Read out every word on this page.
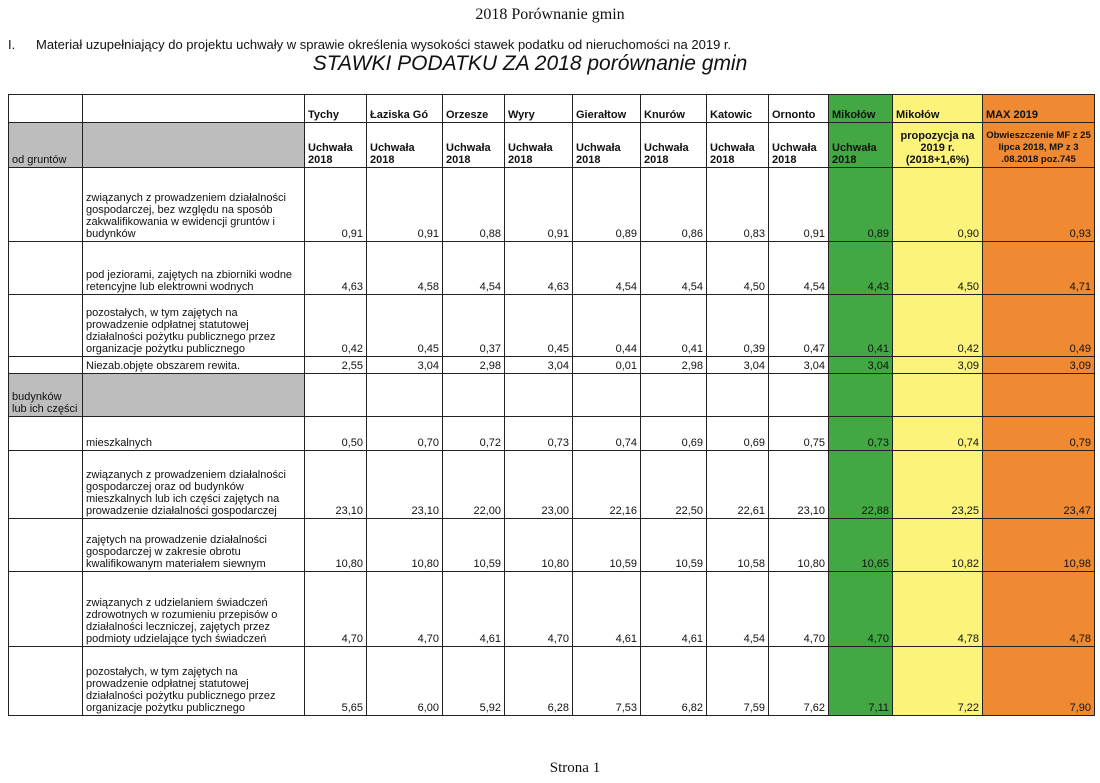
2018 Porównanie gmin
I. Materiał uzupełniający do projektu uchwały w sprawie określenia wysokości stawek podatku od nieruchomości na 2019 r.
STAWKI PODATKU ZA 2018 porównanie gmin
		Tychy	Łaziska Gó	Orzesze	Wyry	Gierałtow	Knurów	Katowic	Ornonto	Mikołów	Mikołów	MAX 2019
od gruntów		Uchwała 2018	Uchwała 2018	Uchwała 2018	Uchwała 2018	Uchwała 2018	Uchwała 2018	Uchwała 2018	Uchwała 2018	Uchwała 2018	propozycja na 2019 r. (2018+1,6%)	Obwieszczenie MF z 25 lipca 2018, MP z 3 .08.2018 poz.745
	związanych z prowadzeniem działalności gospodarczej, bez względu na sposób zakwalifikowania w ewidencji gruntów i budynków	0,91	0,91	0,88	0,91	0,89	0,86	0,83	0,91	0,89	0,90	0,93
	pod jeziorami, zajętych na zbiorniki wodne retencyjne lub elektrowni wodnych	4,63	4,58	4,54	4,63	4,54	4,54	4,50	4,54	4,43	4,50	4,71
	pozostałych, w tym zajętych na prowadzenie odpłatnej statutowej działalności pożytku publicznego przez organizacje pożytku publicznego	0,42	0,45	0,37	0,45	0,44	0,41	0,39	0,47	0,41	0,42	0,49
	Niezab.objęte obszarem rewita.	2,55	3,04	2,98	3,04	0,01	2,98	3,04	3,04	3,04	3,09	3,09
budynków lub ich części												
	mieszkalnych	0,50	0,70	0,72	0,73	0,74	0,69	0,69	0,75	0,73	0,74	0,79
	związanych z prowadzeniem działalności gospodarczej oraz od budynków mieszkalnych lub ich części zajętych na prowadzenie działalności gospodarczej	23,10	23,10	22,00	23,00	22,16	22,50	22,61	23,10	22,88	23,25	23,47
	zajętych na prowadzenie działalności gospodarczej w zakresie obrotu kwalifikowanym materiałem siewnym	10,80	10,80	10,59	10,80	10,59	10,59	10,58	10,80	10,65	10,82	10,98
	związanych z udzielaniem świadczeń zdrowotnych w rozumieniu przepisów o działalności leczniczej, zajętych przez podmioty udzielające tych świadczeń	4,70	4,70	4,61	4,70	4,61	4,61	4,54	4,70	4,70	4,78	4,78
	pozostałych, w tym zajętych na prowadzenie odpłatnej statutowej działalności pożytku publicznego przez organizacje pożytku publicznego	5,65	6,00	5,92	6,28	7,53	6,82	7,59	7,62	7,11	7,22	7,90
Strona 1
